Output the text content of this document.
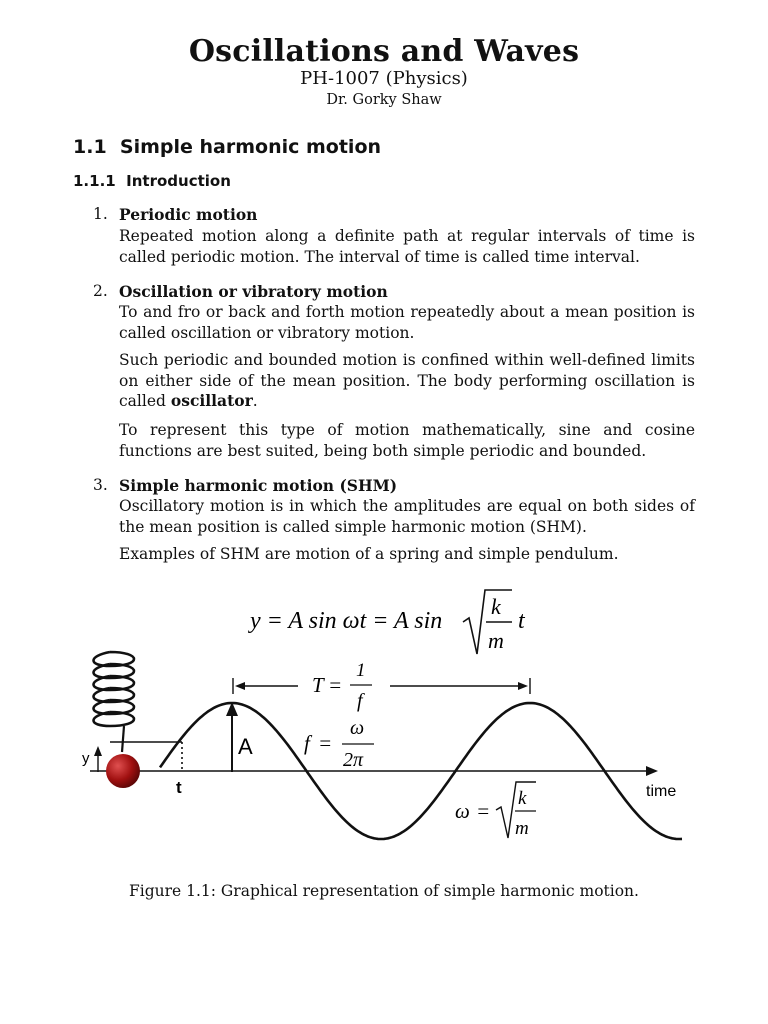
Oscillations and Waves
PH-1007 (Physics)
Dr. Gorky Shaw
1.1 Simple harmonic motion
1.1.1 Introduction
1. Periodic motion
Repeated motion along a definite path at regular intervals of time is called periodic motion. The interval of time is called time interval.
2. Oscillation or vibratory motion
To and fro or back and forth motion repeatedly about a mean position is called oscillation or vibratory motion.
Such periodic and bounded motion is confined within well-defined limits on either side of the mean position. The body performing oscillation is called oscillator.
To represent this type of motion mathematically, sine and cosine functions are best suited, being both simple periodic and bounded.
3. Simple harmonic motion (SHM)
Oscillatory motion is in which the amplitudes are equal on both sides of the mean position is called simple harmonic motion (SHM).
Examples of SHM are motion of a spring and simple pendulum.
y = A sin ωt = A sin
k
m
t
time
y
t
A
T =
1
f
f =
ω
2π
ω =
k
m
Figure 1.1: Graphical representation of simple harmonic motion.
